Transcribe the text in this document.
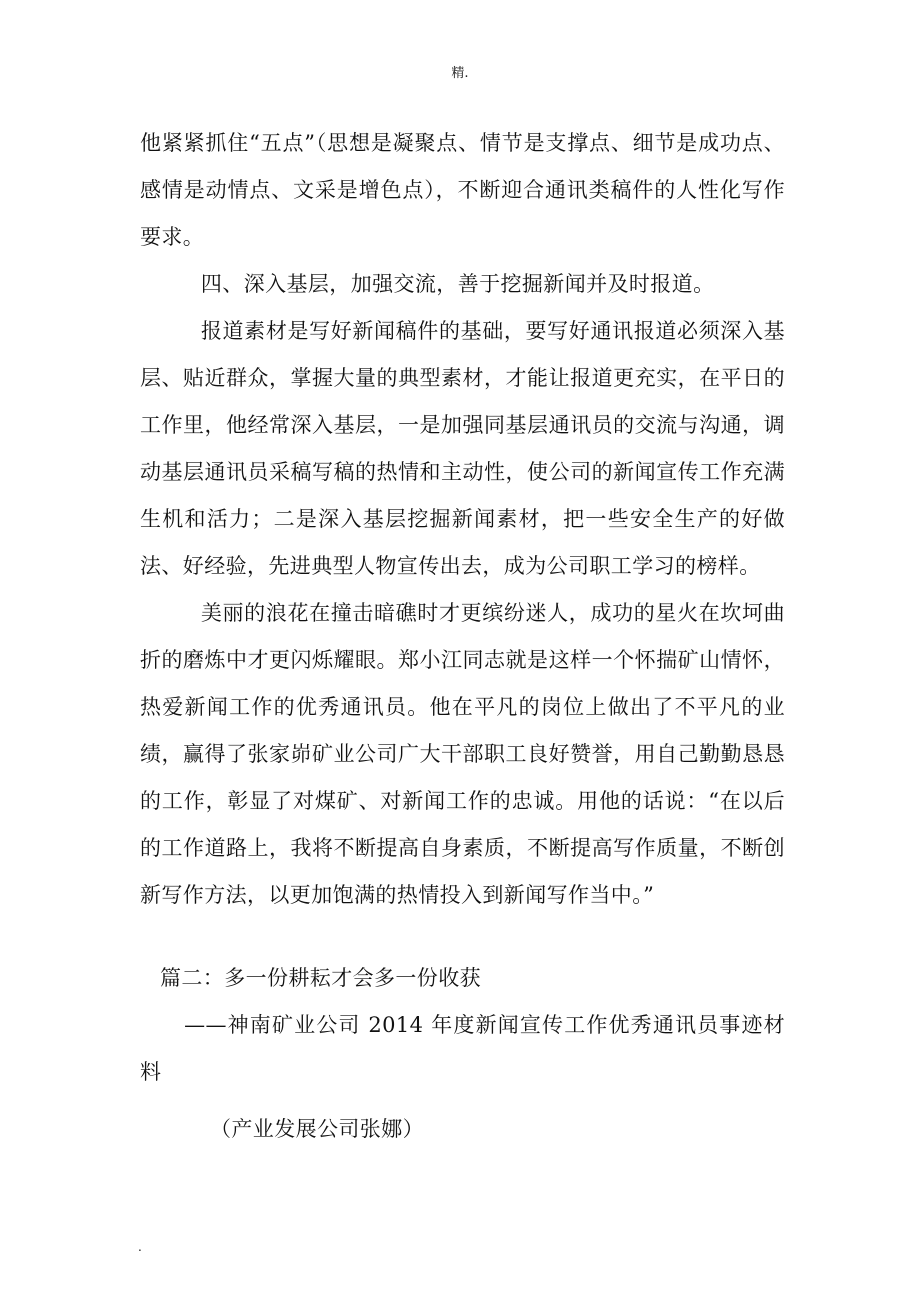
精.

他紧紧抓住“五点”（思想是凝聚点、情节是支撑点、细节是成功点、感情是动情点、文采是增色点），不断迎合通讯类稿件的人性化写作要求。

四、深入基层，加强交流，善于挖掘新闻并及时报道。

报道素材是写好新闻稿件的基础，要写好通讯报道必须深入基层、贴近群众，掌握大量的典型素材，才能让报道更充实，在平日的工作里，他经常深入基层，一是加强同基层通讯员的交流与沟通，调动基层通讯员采稿写稿的热情和主动性，使公司的新闻宣传工作充满生机和活力；二是深入基层挖掘新闻素材，把一些安全生产的好做法、好经验，先进典型人物宣传出去，成为公司职工学习的榜样。

美丽的浪花在撞击暗礁时才更缤纷迷人，成功的星火在坎坷曲折的磨炼中才更闪烁耀眼。郑小江同志就是这样一个怀揣矿山情怀，热爱新闻工作的优秀通讯员。他在平凡的岗位上做出了不平凡的业绩，赢得了张家峁矿业公司广大干部职工良好赞誉，用自己勤勤恳恳的工作，彰显了对煤矿、对新闻工作的忠诚。用他的话说：“在以后的工作道路上，我将不断提高自身素质，不断提高写作质量，不断创新写作方法，以更加饱满的热情投入到新闻写作当中。”

篇二：多一份耕耘才会多一份收获

——神南矿业公司 2014 年度新闻宣传工作优秀通讯员事迹材料

（产业发展公司张娜）

.
